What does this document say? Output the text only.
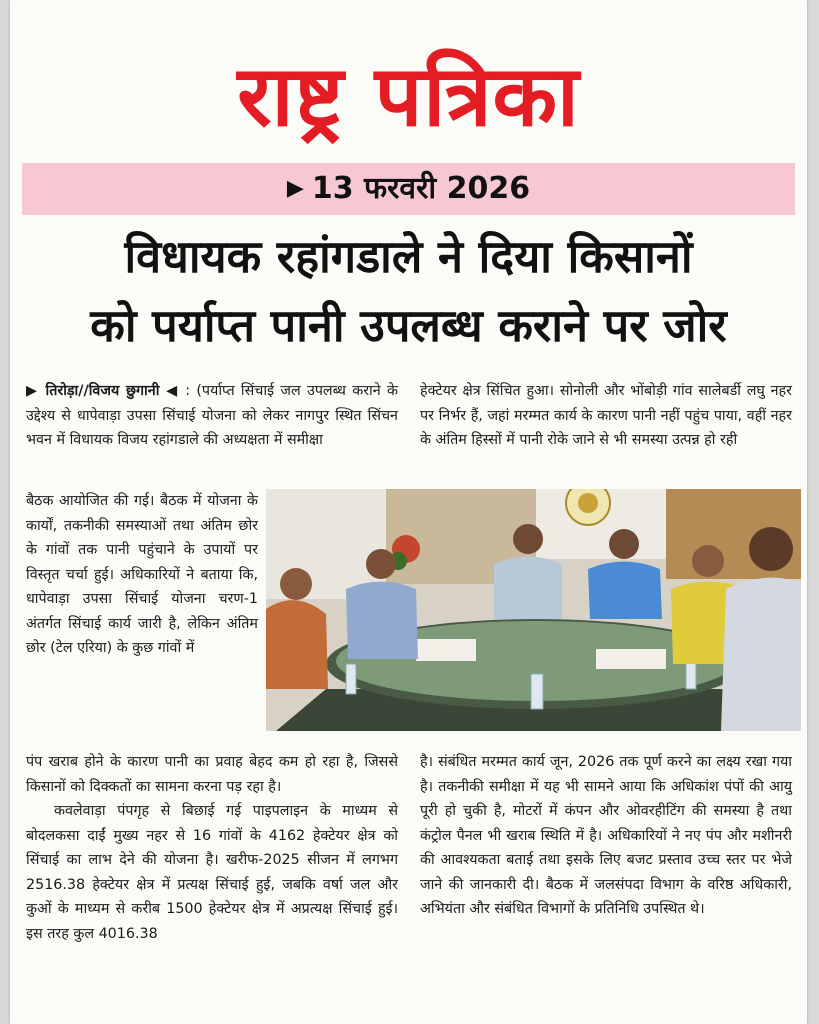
राष्ट्र पत्रिका
▶ 13 फरवरी 2026
विधायक रहांगडाले ने दिया किसानों
को पर्याप्त पानी उपलब्ध कराने पर जोर

▶ तिरोड़ा//विजय छुगानी ◀ : (पर्याप्त सिंचाई जल उपलब्ध कराने के उद्देश्य से धापेवाड़ा उपसा सिंचाई योजना को लेकर नागपुर स्थित सिंचन भवन में विधायक विजय रहांगडाले की अध्यक्षता में समीक्षा

बैठक आयोजित की गई। बैठक में योजना के कार्यों, तकनीकी समस्याओं तथा अंतिम छोर के गांवों तक पानी पहुंचाने के उपायों पर विस्तृत चर्चा हुई। अधिकारियों ने बताया कि, धापेवाड़ा उपसा सिंचाई योजना चरण-1 अंतर्गत सिंचाई कार्य जारी है, लेकिन अंतिम छोर (टेल एरिया) के कुछ गांवों में

पंप खराब होने के कारण पानी का प्रवाह बेहद कम हो रहा है, जिससे किसानों को दिक्कतों का सामना करना पड़ रहा है।

कवलेवाड़ा पंपगृह से बिछाई गई पाइपलाइन के माध्यम से बोदलकसा दाईं मुख्य नहर से 16 गांवों के 4162 हेक्टेयर क्षेत्र को सिंचाई का लाभ देने की योजना है। खरीफ-2025 सीजन में लगभग 2516.38 हेक्टेयर क्षेत्र में प्रत्यक्ष सिंचाई हुई, जबकि वर्षा जल और कुओं के माध्यम से करीब 1500 हेक्टेयर क्षेत्र में अप्रत्यक्ष सिंचाई हुई। इस तरह कुल 4016.38

हेक्टेयर क्षेत्र सिंचित हुआ। सोनोली और भोंबोड़ी गांव सालेबर्डी लघु नहर पर निर्भर हैं, जहां मरम्मत कार्य के कारण पानी नहीं पहुंच पाया, वहीं नहर के अंतिम हिस्सों में पानी रोके जाने से भी समस्या उत्पन्न हो रही

है। संबंधित मरम्मत कार्य जून, 2026 तक पूर्ण करने का लक्ष्य रखा गया है। तकनीकी समीक्षा में यह भी सामने आया कि अधिकांश पंपों की आयु पूरी हो चुकी है, मोटरों में कंपन और ओवरहीटिंग की समस्या है तथा कंट्रोल पैनल भी खराब स्थिति में है। अधिकारियों ने नए पंप और मशीनरी की आवश्यकता बताई तथा इसके लिए बजट प्रस्ताव उच्च स्तर पर भेजे जाने की जानकारी दी। बैठक में जलसंपदा विभाग के वरिष्ठ अधिकारी, अभियंता और संबंधित विभागों के प्रतिनिधि उपस्थित थे।
